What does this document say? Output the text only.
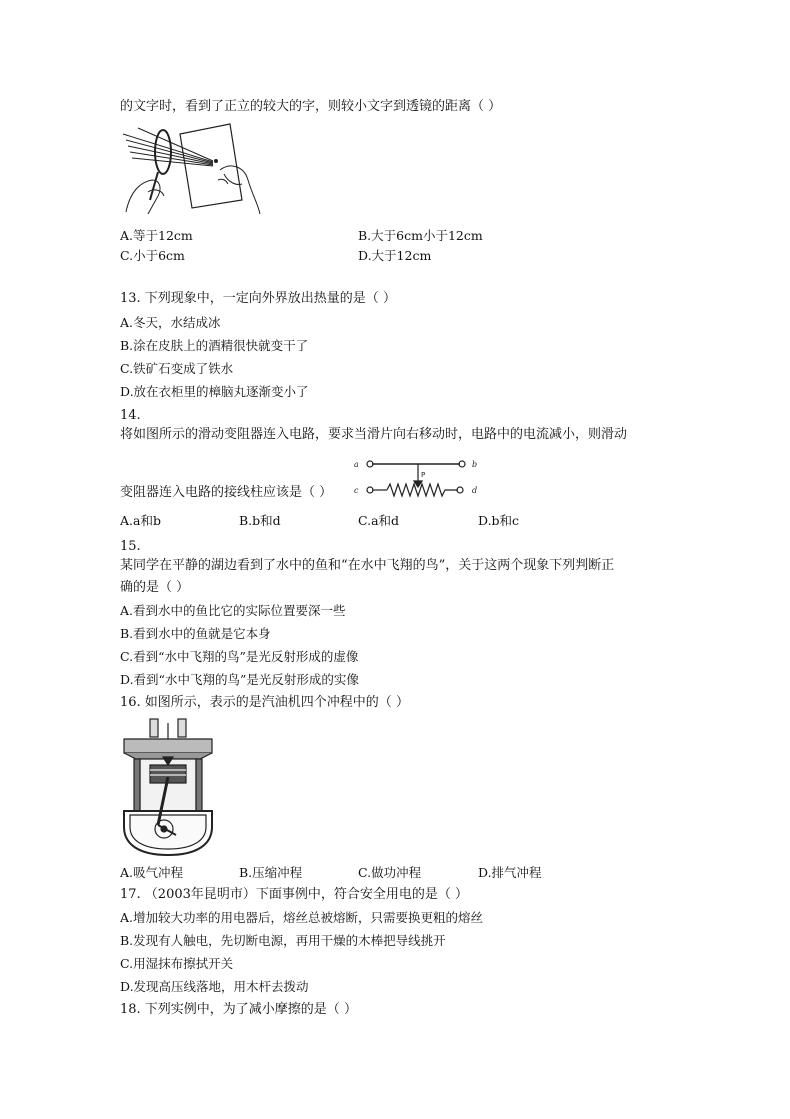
的文字时，看到了正立的较大的字，则较小文字到透镜的距离（ ）
A.等于12cm	B.大于6cm小于12cm
C.小于6cm	D.大于12cm
13. 下列现象中，一定向外界放出热量的是（ ）
A.冬天，水结成冰
B.涂在皮肤上的酒精很快就变干了
C.铁矿石变成了铁水
D.放在衣柜里的樟脑丸逐渐变小了
14.
将如图所示的滑动变阻器连入电路，要求当滑片向右移动时，电路中的电流减小，则滑动
a	b
c	d
P
变阻器连入电路的接线柱应该是（ ）
A.a和b	B.b和d	C.a和d	D.b和c
15.
某同学在平静的湖边看到了水中的鱼和“在水中飞翔的鸟”，关于这两个现象下列判断正
确的是（ ）
A.看到水中的鱼比它的实际位置要深一些
B.看到水中的鱼就是它本身
C.看到“水中飞翔的鸟”是光反射形成的虚像
D.看到“水中飞翔的鸟”是光反射形成的实像
16. 如图所示，表示的是汽油机四个冲程中的（ ）
A.吸气冲程	B.压缩冲程	C.做功冲程	D.排气冲程
17. （2003年昆明市）下面事例中，符合安全用电的是（ ）
A.增加较大功率的用电器后，熔丝总被熔断，只需要换更粗的熔丝
B.发现有人触电，先切断电源，再用干燥的木棒把导线挑开
C.用湿抹布擦拭开关
D.发现高压线落地，用木杆去拨动
18. 下列实例中，为了减小摩擦的是（ ）
